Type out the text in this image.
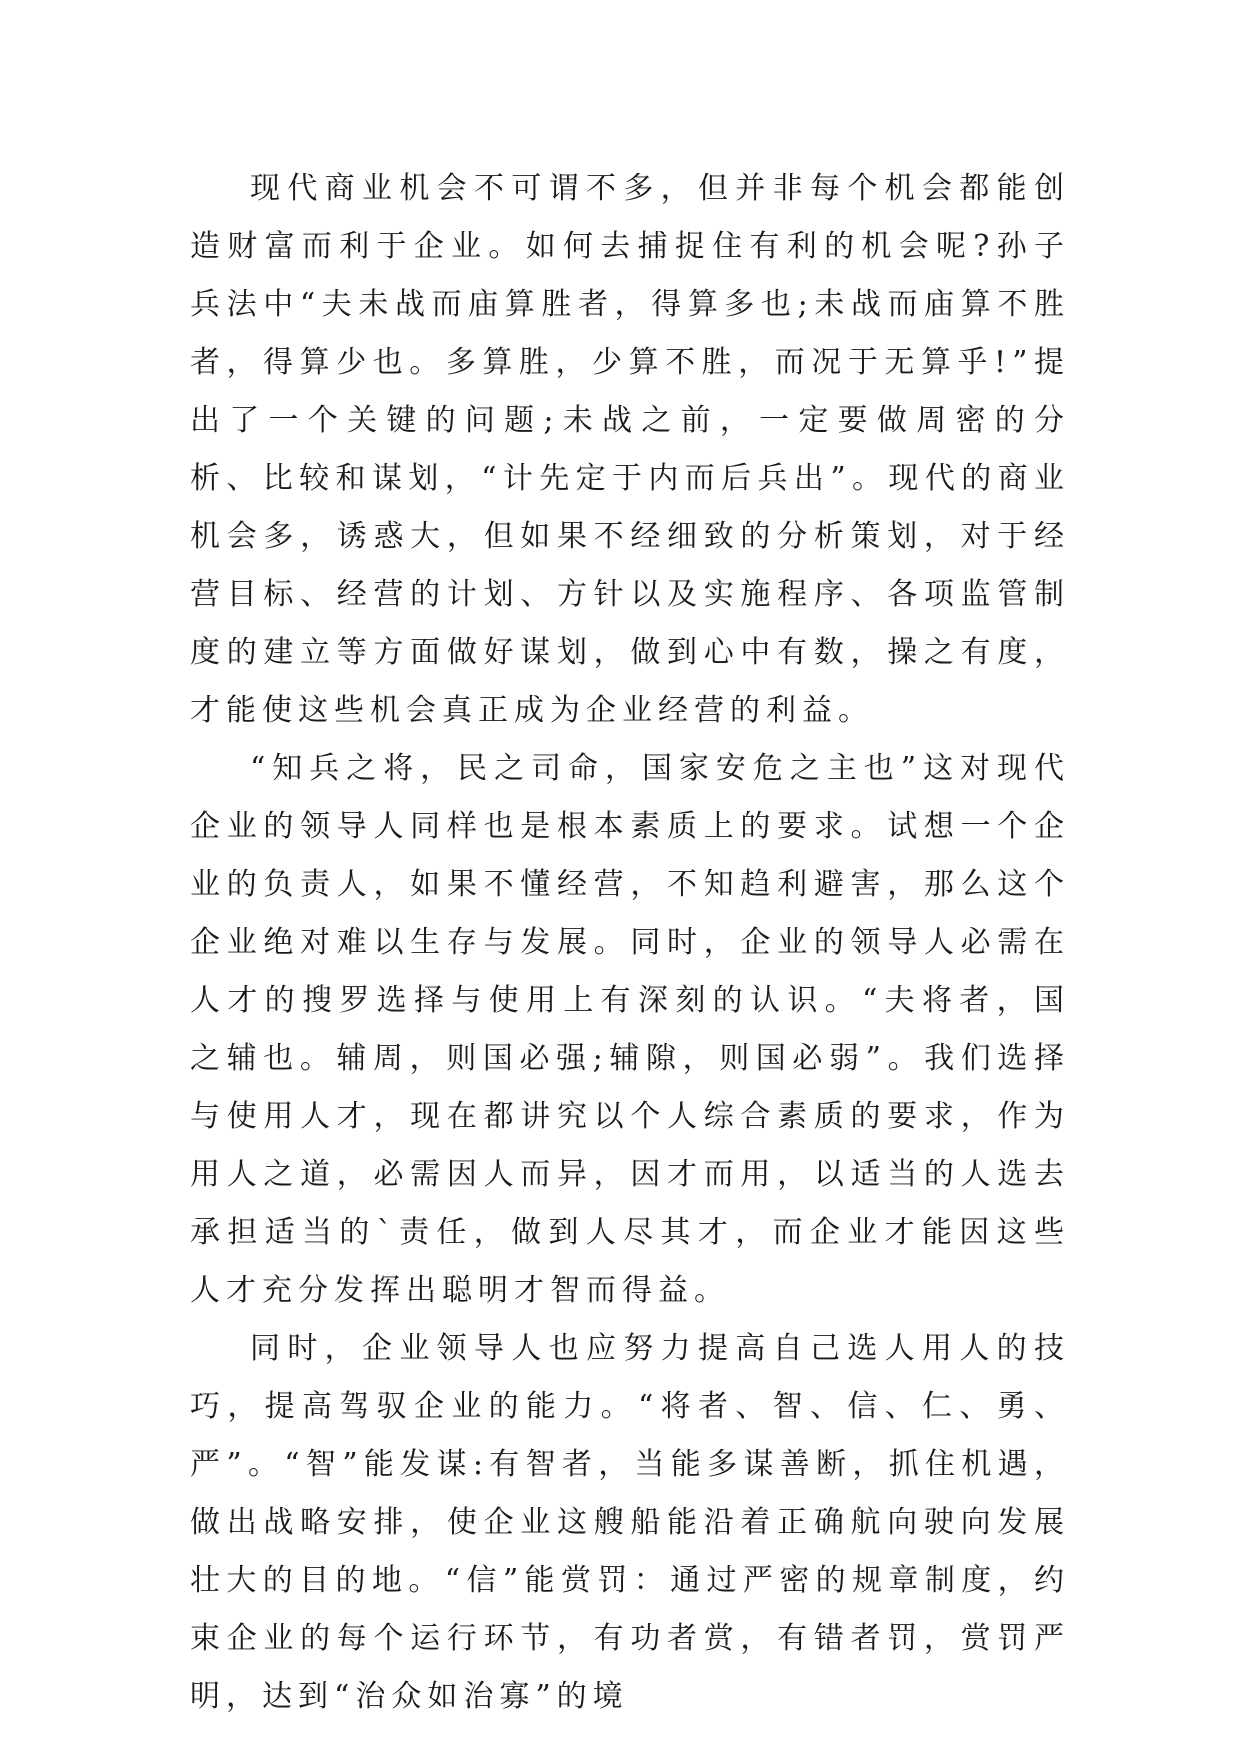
现代商业机会不可谓不多，但并非每个机会都能创造财富而利于企业。如何去捕捉住有利的机会呢?孙子兵法中“夫未战而庙算胜者，得算多也;未战而庙算不胜者，得算少也。多算胜，少算不胜，而况于无算乎!”提出了一个关键的问题;未战之前，一定要做周密的分析、比较和谋划，“计先定于内而后兵出”。现代的商业机会多，诱惑大，但如果不经细致的分析策划，对于经营目标、经营的计划、方针以及实施程序、各项监管制度的建立等方面做好谋划，做到心中有数，操之有度，才能使这些机会真正成为企业经营的利益。

“知兵之将，民之司命，国家安危之主也”这对现代企业的领导人同样也是根本素质上的要求。试想一个企业的负责人，如果不懂经营，不知趋利避害，那么这个企业绝对难以生存与发展。同时，企业的领导人必需在人才的搜罗选择与使用上有深刻的认识。“夫将者，国之辅也。辅周，则国必强;辅隙，则国必弱”。我们选择与使用人才，现在都讲究以个人综合素质的要求，作为用人之道，必需因人而异，因才而用，以适当的人选去承担适当的`责任，做到人尽其才，而企业才能因这些人才充分发挥出聪明才智而得益。

同时，企业领导人也应努力提高自己选人用人的技巧，提高驾驭企业的能力。“将者、智、信、仁、勇、严”。“智”能发谋:有智者，当能多谋善断，抓住机遇，做出战略安排，使企业这艘船能沿着正确航向驶向发展壮大的目的地。“信”能赏罚：通过严密的规章制度，约束企业的每个运行环节，有功者赏，有错者罚，赏罚严明，达到“治众如治寡”的境
